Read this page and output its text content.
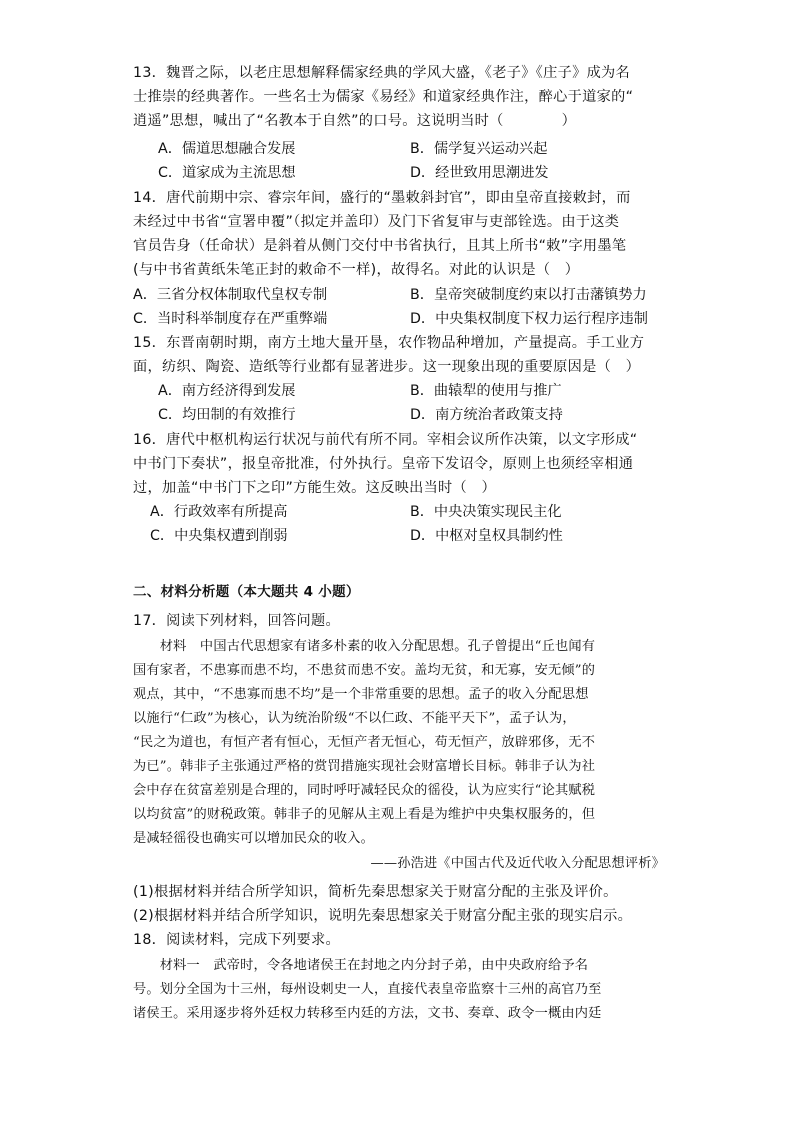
13．魏晋之际，以老庄思想解释儒家经典的学风大盛，《老子》《庄子》成为名
士推崇的经典著作。一些名士为儒家《易经》和道家经典作注，醉心于道家的“
逍遥”思想，喊出了“名教本于自然”的口号。这说明当时（　　　　）
A．儒道思想融合发展	B．儒学复兴运动兴起
C．道家成为主流思想	D．经世致用思潮进发
14．唐代前期中宗、睿宗年间，盛行的“墨敕斜封官”，即由皇帝直接敕封，而
未经过中书省“宣署申覆”（拟定并盖印）及门下省复审与吏部铨选。由于这类
官员告身（任命状）是斜着从侧门交付中书省执行，且其上所书“敕”字用墨笔
(与中书省黄纸朱笔正封的敕命不一样)，故得名。对此的认识是（　）
A．三省分权体制取代皇权专制	B．皇帝突破制度约束以打击藩镇势力
C．当时科举制度存在严重弊端	D．中央集权制度下权力运行程序违制
15．东晋南朝时期，南方土地大量开垦，农作物品种增加，产量提高。手工业方
面，纺织、陶瓷、造纸等行业都有显著进步。这一现象出现的重要原因是（　）
A．南方经济得到发展	B．曲辕犁的使用与推广
C．均田制的有效推行	D．南方统治者政策支持
16．唐代中枢机构运行状况与前代有所不同。宰相会议所作决策，以文字形成“
中书门下奏状”，报皇帝批准，付外执行。皇帝下发诏令，原则上也须经宰相通
过，加盖“中书门下之印”方能生效。这反映出当时（　）
A．行政效率有所提高	B．中央决策实现民主化
C．中央集权遭到削弱	D．中枢对皇权具制约性
二、材料分析题（本大题共 4 小题）
17．阅读下列材料，回答问题。
　　材料　中国古代思想家有诸多朴素的收入分配思想。孔子曾提出“丘也闻有
国有家者，不患寡而患不均，不患贫而患不安。盖均无贫，和无寡，安无倾”的
观点，其中，“不患寡而患不均”是一个非常重要的思想。孟子的收入分配思想
以施行“仁政”为核心，认为统治阶级“不以仁政、不能平天下”，孟子认为，
“民之为道也，有恒产者有恒心，无恒产者无恒心，苟无恒产，放辟邪侈，无不
为已”。韩非子主张通过严格的赏罚措施实现社会财富增长目标。韩非子认为社
会中存在贫富差别是合理的，同时呼吁减轻民众的徭役，认为应实行“论其赋税
以均贫富”的财税政策。韩非子的见解从主观上看是为维护中央集权服务的，但
是减轻徭役也确实可以增加民众的收入。
——孙浩进《中国古代及近代收入分配思想评析》
(1)根据材料并结合所学知识，简析先秦思想家关于财富分配的主张及评价。
(2)根据材料并结合所学知识，说明先秦思想家关于财富分配主张的现实启示。
18．阅读材料，完成下列要求。
　　材料一　武帝时，令各地诸侯王在封地之内分封子弟，由中央政府给予名
号。划分全国为十三州，每州设刺史一人，直接代表皇帝监察十三州的高官乃至
诸侯王。采用逐步将外廷权力转移至内廷的方法，文书、奏章、政令一概由内廷
